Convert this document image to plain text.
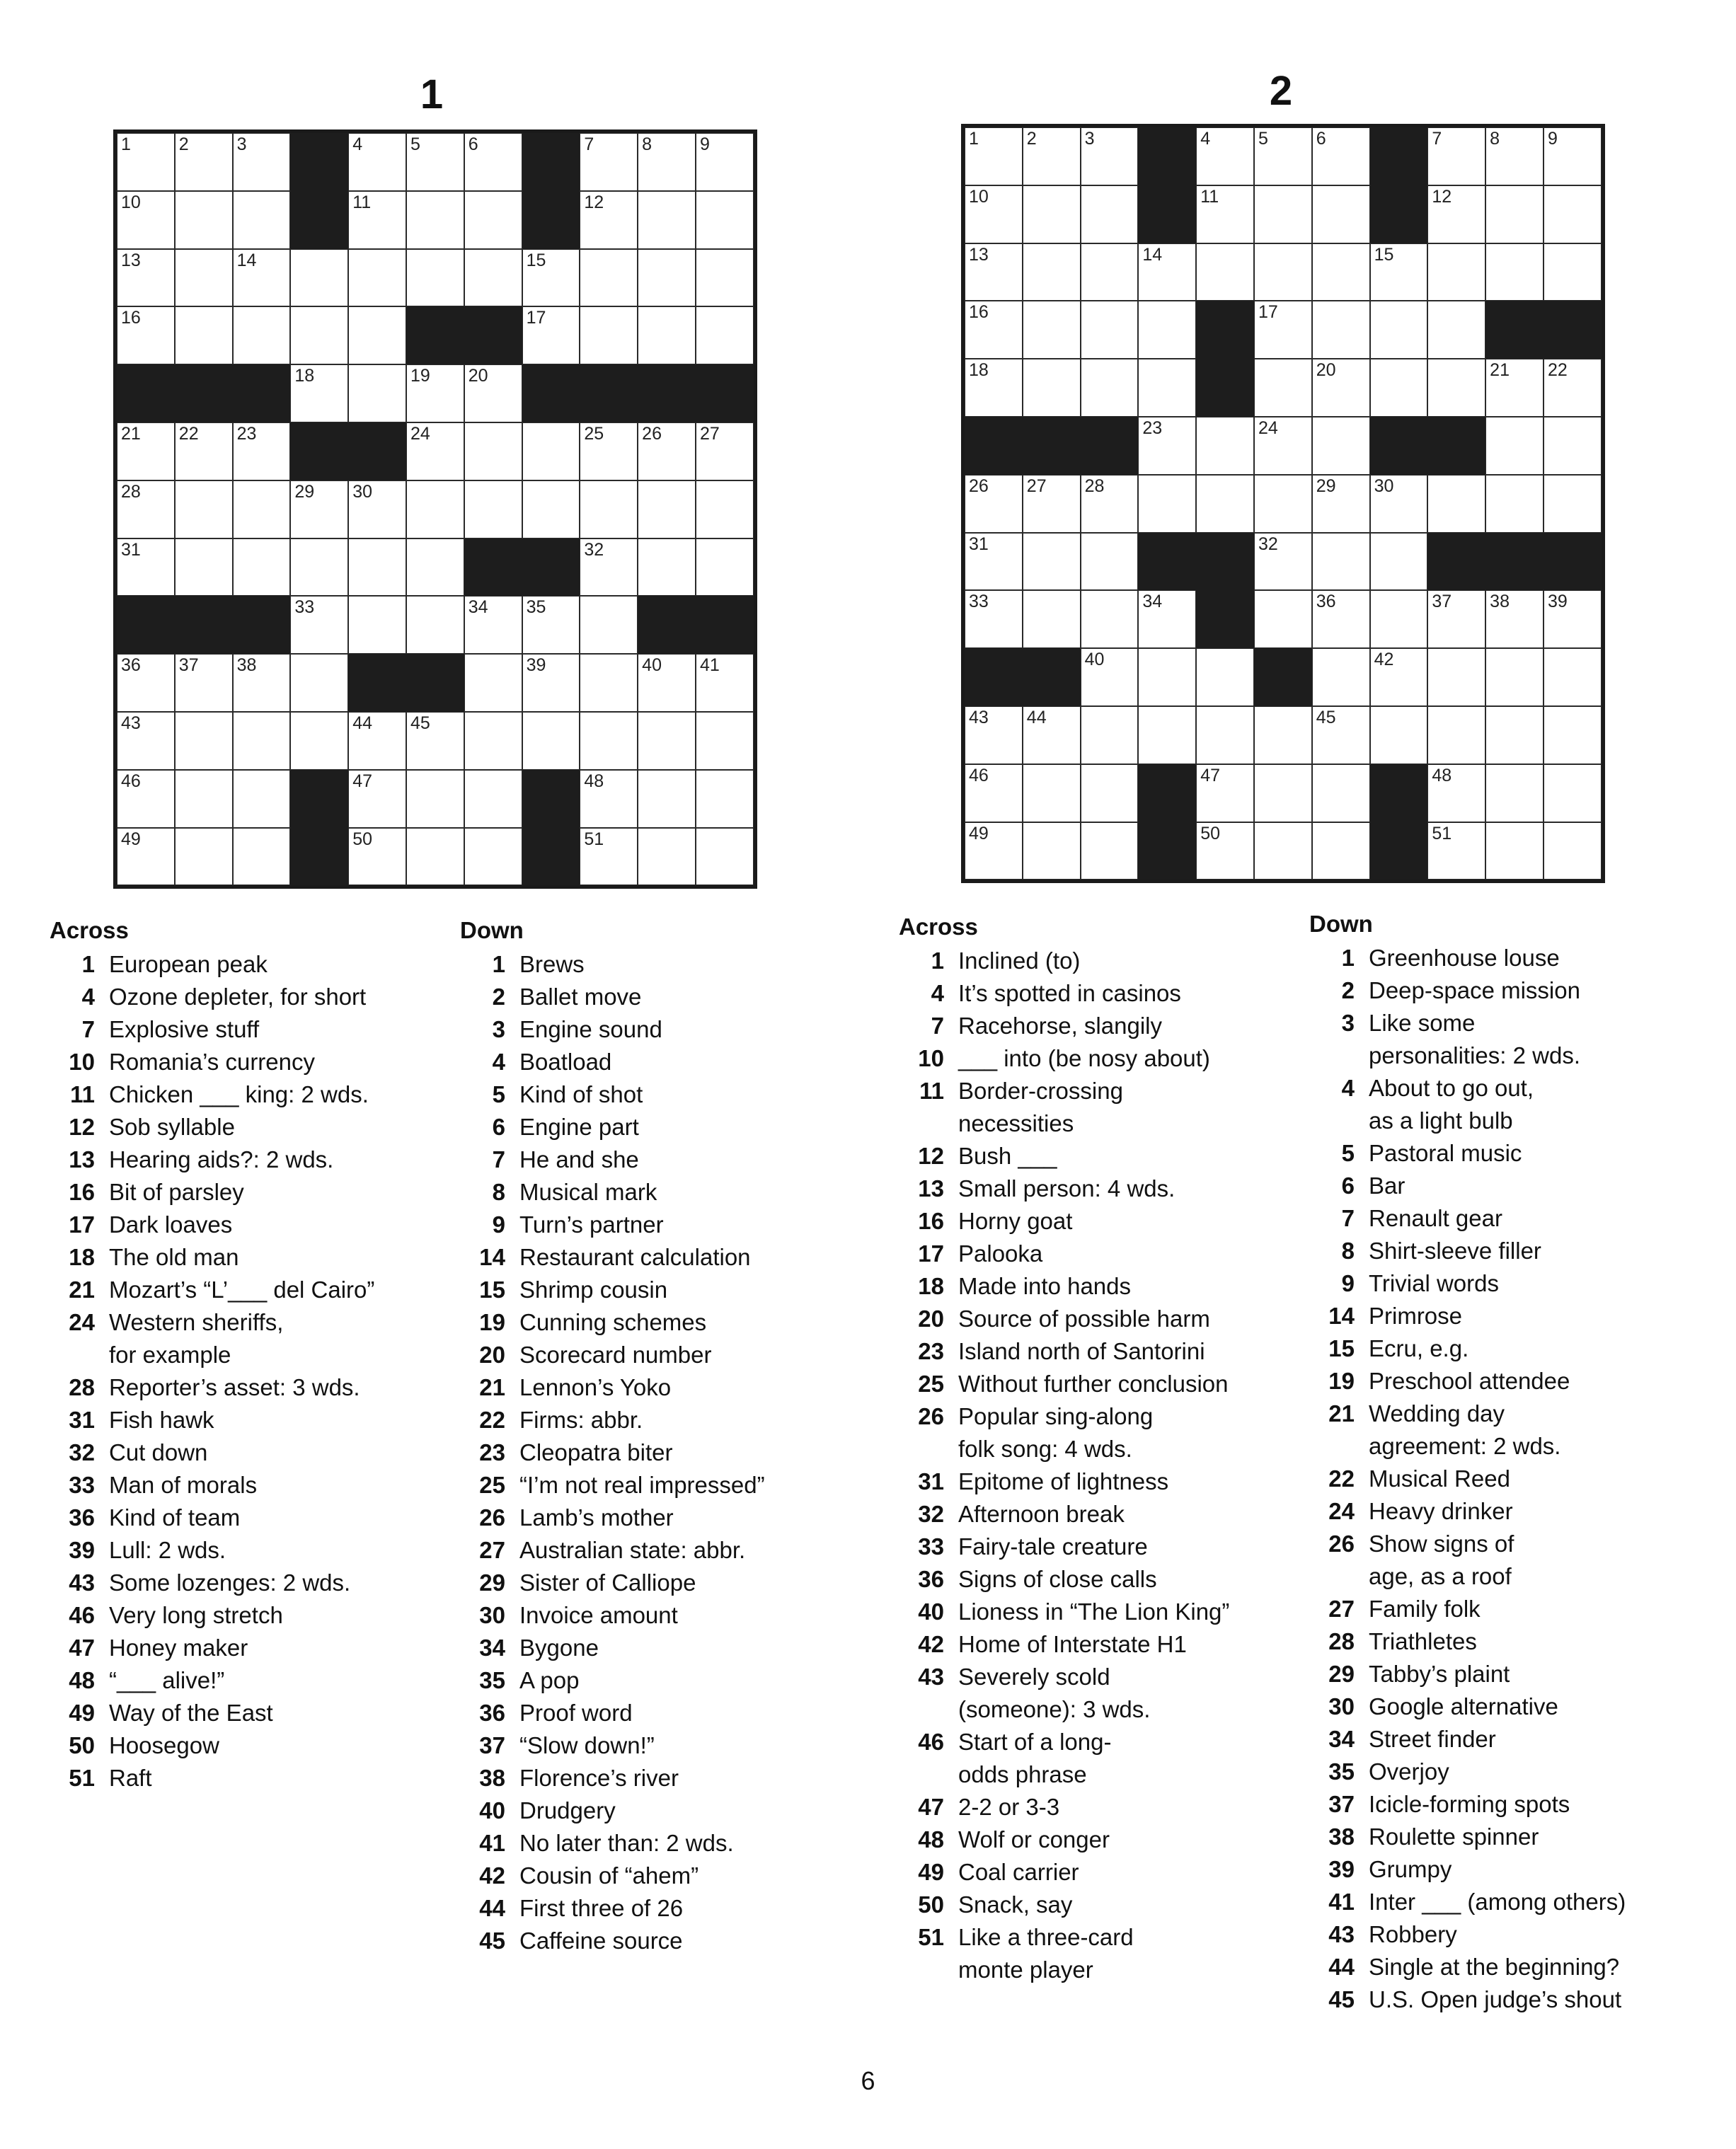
1
1	2	3	4	5	6	7	8	9
10	11	12
13	14	15
16	17
18	19 20
21 22 23	24	25 26 27
28	29 30
31	32
33	34 35
36 37 38	39	40 41
43	44 45
46	47	48
49	50	51
Across
1 European peak
4 Ozone depleter, for short
7 Explosive stuff
10 Romania’s currency
11 Chicken ___ king: 2 wds.
12 Sob syllable
13 Hearing aids?: 2 wds.
16 Bit of parsley
17 Dark loaves
18 The old man
21 Mozart’s “L’___ del Cairo”
24 Western sheriffs,
for example
28 Reporter’s asset: 3 wds.
31 Fish hawk
32 Cut down
33 Man of morals
36 Kind of team
39 Lull: 2 wds.
43 Some lozenges: 2 wds.
46 Very long stretch
47 Honey maker
48 “___ alive!”
49 Way of the East
50 Hoosegow
51 Raft
Down
1 Brews
2 Ballet move
3 Engine sound
4 Boatload
5 Kind of shot
6 Engine part
7 He and she
8 Musical mark
9 Turn’s partner
14 Restaurant calculation
15 Shrimp cousin
19 Cunning schemes
20 Scorecard number
21 Lennon’s Yoko
22 Firms: abbr.
23 Cleopatra biter
25 “I’m not real impressed”
26 Lamb’s mother
27 Australian state: abbr.
29 Sister of Calliope
30 Invoice amount
34 Bygone
35 A pop
36 Proof word
37 “Slow down!”
38 Florence’s river
40 Drudgery
41 No later than: 2 wds.
42 Cousin of “ahem”
44 First three of 26
45 Caffeine source
2
1	2	3	4	5	6	7	8	9
10	11	12
13	14	15
16	17
18	20	21 22
23	24
26 27 28	29 30
31	32
33	34	36	37 38 39
40	42
43 44	45
46	47	48
49	50	51
Across
1 Inclined (to)
4 It’s spotted in casinos
7 Racehorse, slangily
10 ___ into (be nosy about)
11 Border-crossing
necessities
12 Bush ___
13 Small person: 4 wds.
16 Horny goat
17 Palooka
18 Made into hands
20 Source of possible harm
23 Island north of Santorini
25 Without further conclusion
26 Popular sing-along
folk song: 4 wds.
31 Epitome of lightness
32 Afternoon break
33 Fairy-tale creature
36 Signs of close calls
40 Lioness in “The Lion King”
42 Home of Interstate H1
43 Severely scold
(someone): 3 wds.
46 Start of a long-
odds phrase
47 2-2 or 3-3
48 Wolf or conger
49 Coal carrier
50 Snack, say
51 Like a three-card
monte player
Down
1 Greenhouse louse
2 Deep-space mission
3 Like some
personalities: 2 wds.
4 About to go out,
as a light bulb
5 Pastoral music
6 Bar
7 Renault gear
8 Shirt-sleeve filler
9 Trivial words
14 Primrose
15 Ecru, e.g.
19 Preschool attendee
21 Wedding day
agreement: 2 wds.
22 Musical Reed
24 Heavy drinker
26 Show signs of
age, as a roof
27 Family folk
28 Triathletes
29 Tabby’s plaint
30 Google alternative
34 Street finder
35 Overjoy
37 Icicle-forming spots
38 Roulette spinner
39 Grumpy
41 Inter ___ (among others)
43 Robbery
44 Single at the beginning?
45 U.S. Open judge’s shout
6
